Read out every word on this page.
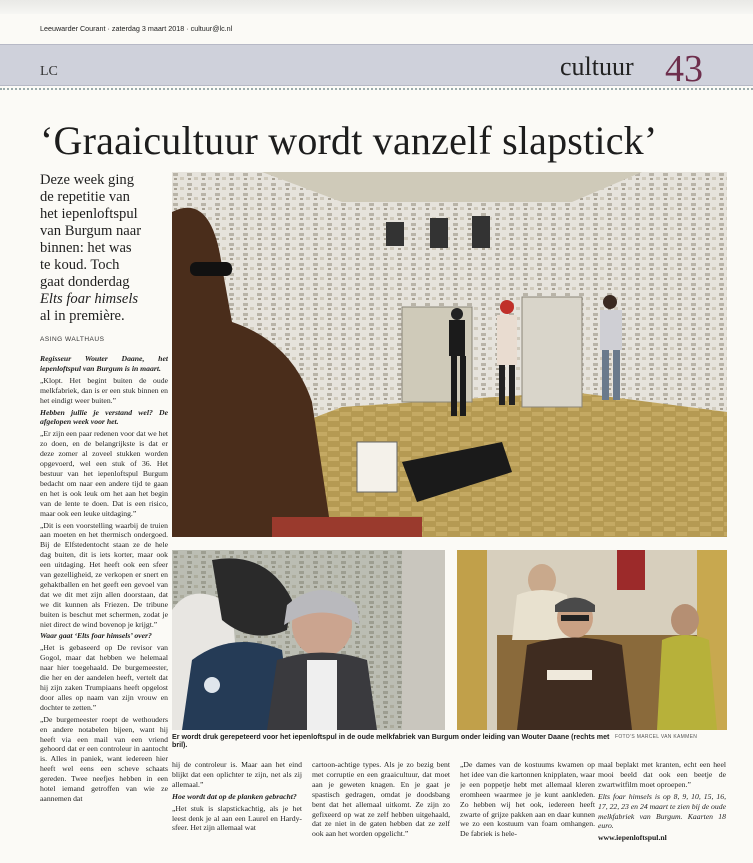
Leeuwarder Courant · zaterdag 3 maart 2018 · cultuur@lc.nl
LC	cultuur 43
‘Graaicultuur wordt vanzelf slapstick’
Deze week ging
de repetitie van
het iepenloftspul
van Burgum naar
binnen: het was
te koud. Toch
gaat donderdag
Elts foar himsels
al in première.
ASING WALTHAUS
Er wordt druk gerepeteerd voor het iepenloftspul in de oude melkfabriek van Burgum onder leiding van Wouter Daane (rechts met bril).
FOTO’S MARCEL VAN KAMMEN

Regisseur Wouter Daane, het iepenloftspul van Burgum is in maart.

„Klopt. Het begint buiten de oude melkfabriek, dan is er een stuk binnen en het eindigt weer buiten.”

Hebben jullie je verstand wel? De afgelopen week voor het.

„Er zijn een paar redenen voor dat we het zo doen, en de belangrijkste is dat er deze zomer al zoveel stukken worden opgevoerd, wel een stuk of 36. Het bestuur van het iepenloftspul Burgum bedacht om naar een andere tijd te gaan en het is ook leuk om het aan het begin van de lente te doen. Dat is een risico, maar ook een leuke uitdaging.”

„Dit is een voorstelling waarbij de truien aan moeten en het thermisch ondergoed. Bij de Elfstedentocht staan ze de hele dag buiten, dit is iets korter, maar ook een uitdaging. Het heeft ook een sfeer van gezelligheid, ze verkopen er snert en gehaktballen en het geeft een gevoel van dat we dit met zijn allen doorstaan, dat we dit kunnen als Friezen. De tribune buiten is beschut met schermen, zodat je niet direct de wind bovenop je krijgt.”

Waar gaat ‘Elts foar himsels’ over?

„Het is gebaseerd op De revisor van Gogol, maar dat hebben we helemaal naar hier toegehaald. De burgemeester, die her en der aandelen heeft, vertelt dat hij zijn zaken Trumpiaans heeft opgelost door alles op naam van zijn vrouw en dochter te zetten.”

„De burgemeester roept de wethouders en andere notabelen bijeen, want hij heeft via een mail van een vriend gehoord dat er een controleur in aantocht is. Alles in paniek, want iedereen hier heeft wel eens een scheve schaats gereden. Twee neefjes hebben in een hotel iemand getroffen van wie ze aannemen dat

hij de controleur is. Maar aan het eind blijkt dat een oplichter te zijn, net als zij allemaal.”

Hoe wordt dat op de planken gebracht?

„Het stuk is slapstickachtig, als je het leest denk je al aan een Laurel en Hardy-sfeer. Het zijn allemaal wat

cartoon-achtige types. Als je zo bezig bent met corruptie en een graaicultuur, dat moet aan je geweten knagen. En je gaat je spastisch gedragen, omdat je doodsbang bent dat het allemaal uitkomt. Ze zijn zo gefixeerd op wat ze zelf hebben uitgehaald, dat ze niet in de gaten hebben dat ze zelf ook aan het worden opgelicht.”

„De dames van de kostuums kwamen op het idee van die kartonnen knipplaten, waar je een poppetje hebt met allemaal kleren eromheen waarmee je je kunt aankleden. Zo hebben wij het ook, iedereen heeft zwarte of grijze pakken aan en daar kunnen we zo een kostuum van foam omhangen. De fabriek is hele-

maal beplakt met kranten, echt een heel mooi beeld dat ook een beetje de zwartwitfilm moet oproepen.”

Elts foar himsels is op 8, 9, 10, 15, 16, 17, 22, 23 en 24 maart te zien bij de oude melkfabriek van Burgum. Kaarten 18 euro.

www.iepenloftspul.nl
